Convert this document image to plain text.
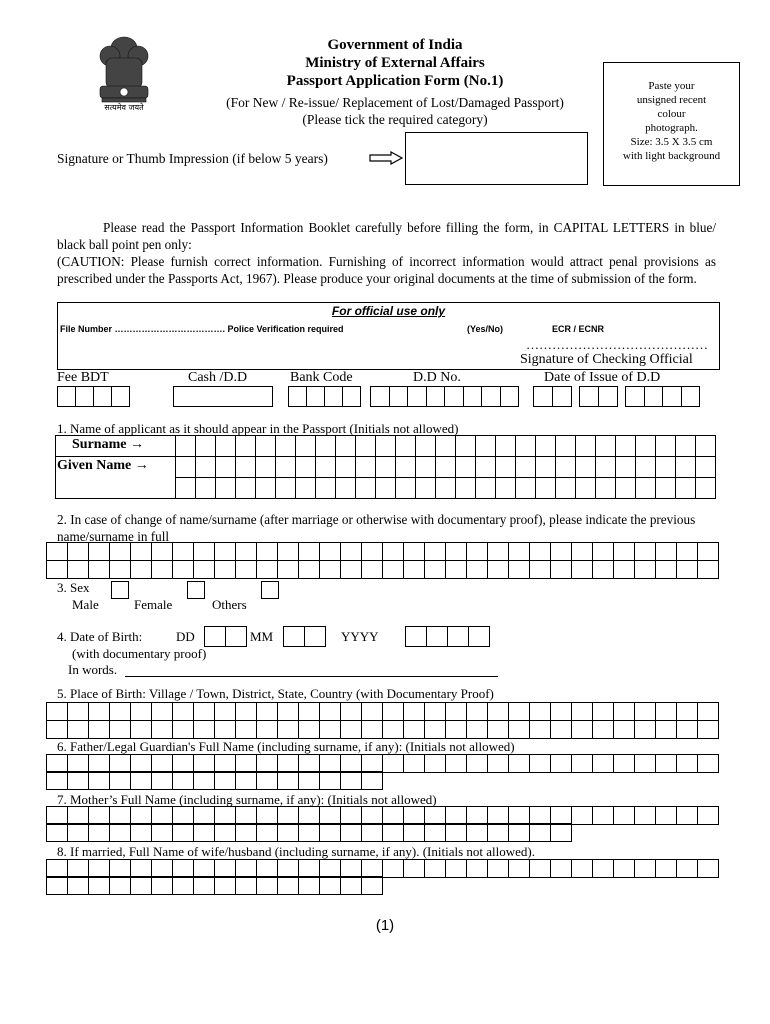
सत्यमेव जयते
Government of India
Ministry of External Affairs
Passport Application Form (No.1)
(For New / Re-issue/ Replacement of Lost/Damaged Passport)
(Please tick the required category)
Paste your
unsigned recent
colour
photograph.
Size: 3.5 X 3.5 cm
with light background
Signature or Thumb Impression (if below 5 years)
Please read the Passport Information Booklet carefully before filling the form, in CAPITAL LETTERS in blue/ black ball point pen only:
(CAUTION: Please furnish correct information. Furnishing of incorrect information would attract penal provisions as prescribed under the Passports Act, 1967). Please produce your original documents at the time of submission of the form.
For official use only
File Number ………………………………. Police Verification required	(Yes/No)	ECR / ECNR
……………………………………
Signature of Checking Official
Fee BDT	Cash /D.D	Bank Code	D.D No.	Date of Issue of D.D
1. Name of applicant as it should appear in the Passport (Initials not allowed)
Surname →
Given Name →
2. In case of change of name/surname (after marriage or otherwise with documentary proof), please indicate the previous name/surname in full
3. Sex
Male	Female	Others
4. Date of Birth:	DD	MM	YYYY
(with documentary proof)
In words.
5. Place of Birth: Village / Town, District, State, Country (with Documentary Proof)
6. Father/Legal Guardian's Full Name (including surname, if any): (Initials not allowed)
7. Mother’s Full Name (including surname, if any): (Initials not allowed)
8. If married, Full Name of wife/husband (including surname, if any). (Initials not allowed).
(1)
